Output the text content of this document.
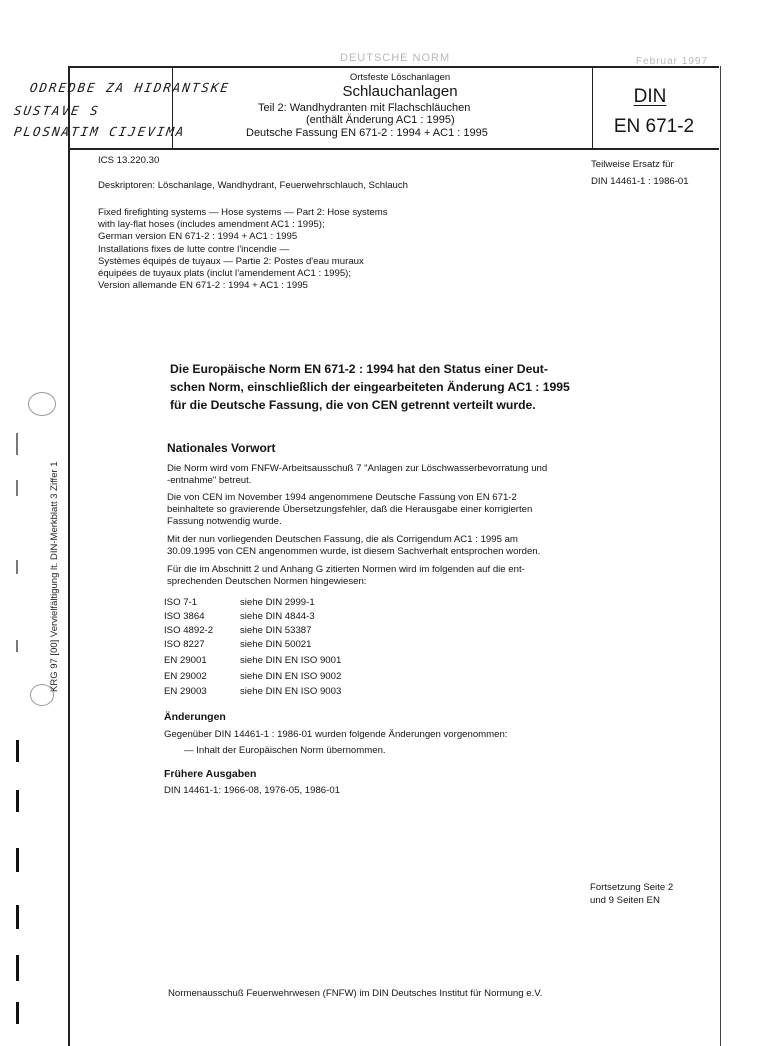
DEUTSCHE NORM	Februar 1997
ODREDBE ZA HIDRANTSKE
SUSTAVE S
PLOSNATIM CIJEVIMA
Ortsfeste Löschanlagen
Schlauchanlagen
Teil 2: Wandhydranten mit Flachschläuchen
(enthält Änderung AC1 : 1995)
Deutsche Fassung EN 671-2 : 1994 + AC1 : 1995
DIN
EN 671-2
ICS 13.220.30	Teilweise Ersatz für
DIN 14461-1 : 1986-01
Deskriptoren: Löschanlage, Wandhydrant, Feuerwehrschlauch, Schlauch
Fixed firefighting systems — Hose systems — Part 2: Hose systems
with lay-flat hoses (includes amendment AC1 : 1995);
German version EN 671-2 : 1994 + AC1 : 1995
Installations fixes de lutte contre l'incendie —
Systèmes équipés de tuyaux — Partie 2: Postes d'eau muraux
équipées de tuyaux plats (inclut l'amendement AC1 : 1995);
Version allemande EN 671-2 : 1994 + AC1 : 1995
Die Europäische Norm EN 671-2 : 1994 hat den Status einer Deut-
schen Norm, einschließlich der eingearbeiteten Änderung AC1 : 1995
für die Deutsche Fassung, die von CEN getrennt verteilt wurde.
Nationales Vorwort
Die Norm wird vom FNFW-Arbeitsausschuß 7 "Anlagen zur Löschwasserbevorratung und
-entnahme" betreut.
Die von CEN im November 1994 angenommene Deutsche Fassung von EN 671-2
beinhaltete so gravierende Übersetzungsfehler, daß die Herausgabe einer korrigierten
Fassung notwendig wurde.
Mit der nun vorliegenden Deutschen Fassung, die als Corrigendum AC1 : 1995 am
30.09.1995 von CEN angenommen wurde, ist diesem Sachverhalt entsprochen worden.
Für die im Abschnitt 2 und Anhang G zitierten Normen wird im folgenden auf die ent-
sprechenden Deutschen Normen hingewiesen:
ISO 7-1	siehe DIN 2999-1
ISO 3864	siehe DIN 4844-3
ISO 4892-2	siehe DIN 53387
ISO 8227	siehe DIN 50021
EN 29001	siehe DIN EN ISO 9001
EN 29002	siehe DIN EN ISO 9002
EN 29003	siehe DIN EN ISO 9003
Änderungen
Gegenüber DIN 14461-1 : 1986-01 wurden folgende Änderungen vorgenommen:
— Inhalt der Europäischen Norm übernommen.
Frühere Ausgaben
DIN 14461-1: 1966-08, 1976-05, 1986-01
Fortsetzung Seite 2
und 9 Seiten EN
Normenausschuß Feuerwehrwesen (FNFW) im DIN Deutsches Institut für Normung e.V.
KRG 97 [00] Vervielfältigung lt. DIN-Merkblatt 3 Ziffer 1
